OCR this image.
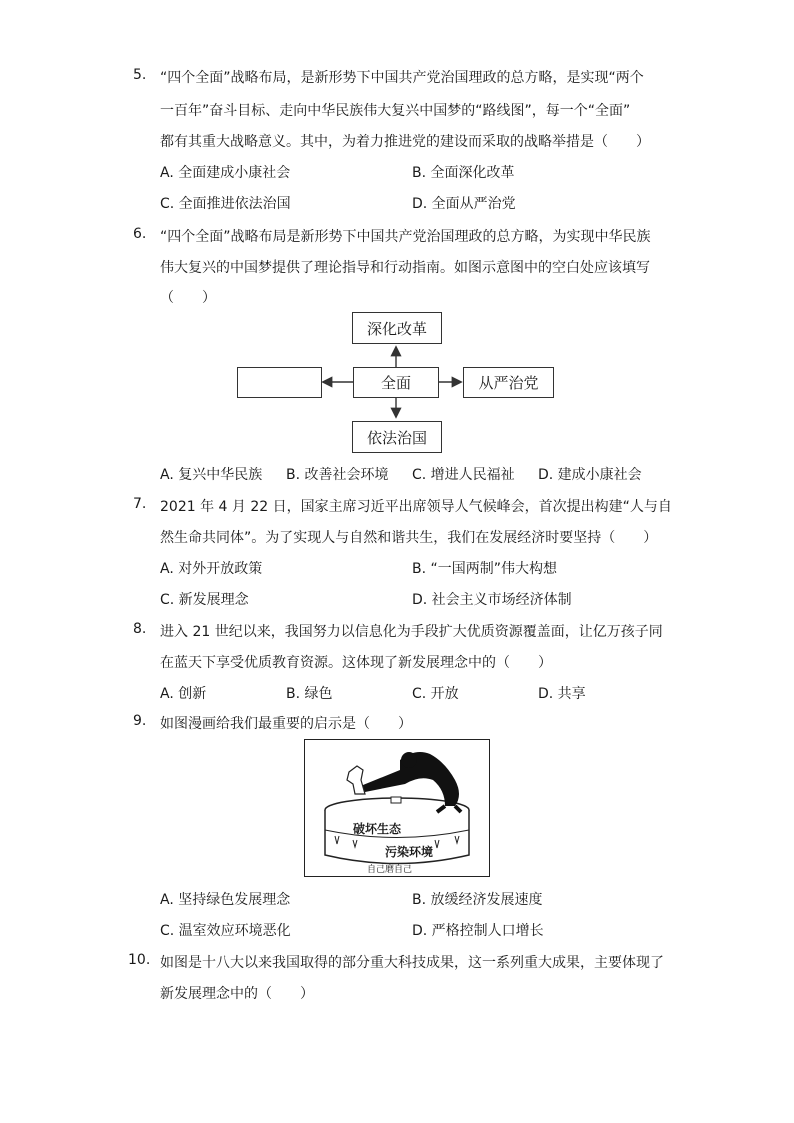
5. “四个全面”战略布局，是新形势下中国共产党治国理政的总方略，是实现“两个
一百年”奋斗目标、走向中华民族伟大复兴中国梦的“路线图”，每一个“全面”
都有其重大战略意义。其中，为着力推进党的建设而采取的战略举措是（　　）
A. 全面建成小康社会	B. 全面深化改革
C. 全面推进依法治国	D. 全面从严治党
6. “四个全面”战略布局是新形势下中国共产党治国理政的总方略，为实现中华民族
伟大复兴的中国梦提供了理论指导和行动指南。如图示意图中的空白处应该填写
（　　）
深化改革
全面	从严治党
依法治国
A. 复兴中华民族 B. 改善社会环境 C. 增进人民福祉 D. 建成小康社会
7. 2021 年 4 月 22 日，国家主席习近平出席领导人气候峰会，首次提出构建“人与自
然生命共同体”。为了实现人与自然和谐共生，我们在发展经济时要坚持（　　）
A. 对外开放政策	B. “一国两制”伟大构想
C. 新发展理念	D. 社会主义市场经济体制
8. 进入 21 世纪以来，我国努力以信息化为手段扩大优质资源覆盖面，让亿万孩子同
在蓝天下享受优质教育资源。这体现了新发展理念中的（　　）
A. 创新	B. 绿色	C. 开放	D. 共享
9. 如图漫画给我们最重要的启示是（　　）
破坏生态
污染环境
自己磨自己
A. 坚持绿色发展理念	B. 放缓经济发展速度
C. 温室效应环境恶化	D. 严格控制人口增长
10. 如图是十八大以来我国取得的部分重大科技成果，这一系列重大成果，主要体现了
新发展理念中的（　　）
